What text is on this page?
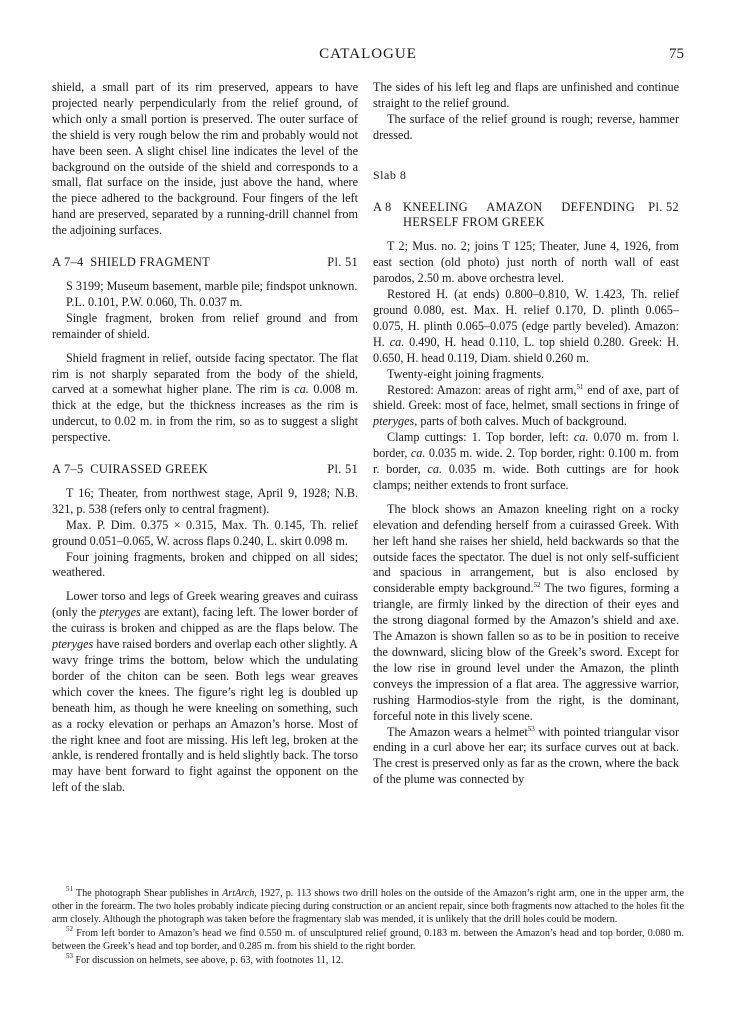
CATALOGUE	75

shield, a small part of its rim preserved, appears to have projected nearly perpendicularly from the relief ground, of which only a small portion is preserved. The outer surface of the shield is very rough below the rim and probably would not have been seen. A slight chisel line indicates the level of the background on the outside of the shield and corresponds to a small, flat surface on the inside, just above the hand, where the piece adhered to the background. Four fingers of the left hand are preserved, separated by a running-drill channel from the adjoining surfaces.

A 7–4 SHIELD FRAGMENT	Pl. 51

S 3199; Museum basement, marble pile; findspot unknown.

P.L. 0.101, P.W. 0.060, Th. 0.037 m.

Single fragment, broken from relief ground and from remainder of shield.

Shield fragment in relief, outside facing spectator. The flat rim is not sharply separated from the body of the shield, carved at a somewhat higher plane. The rim is ca. 0.008 m. thick at the edge, but the thickness increases as the rim is undercut, to 0.02 m. in from the rim, so as to suggest a slight perspective.

A 7–5 CUIRASSED GREEK	Pl. 51

T 16; Theater, from northwest stage, April 9, 1928; N.B. 321, p. 538 (refers only to central fragment).

Max. P. Dim. 0.375 × 0.315, Max. Th. 0.145, Th. relief ground 0.051–0.065, W. across flaps 0.240, L. skirt 0.098 m.

Four joining fragments, broken and chipped on all sides; weathered.

Lower torso and legs of Greek wearing greaves and cuirass (only the pteryges are extant), facing left. The lower border of the cuirass is broken and chipped as are the flaps below. The pteryges have raised borders and overlap each other slightly. A wavy fringe trims the bottom, below which the undulating border of the chiton can be seen. Both legs wear greaves which cover the knees. The figure’s right leg is doubled up beneath him, as though he were kneeling on something, such as a rocky elevation or perhaps an Amazon’s horse. Most of the right knee and foot are missing. His left leg, broken at the ankle, is rendered frontally and is held slightly back. The torso may have bent forward to fight against the opponent on the left of the slab.

The sides of his left leg and flaps are unfinished and continue straight to the relief ground.

The surface of the relief ground is rough; reverse, hammer dressed.

Slab 8

A 8 KNEELING AMAZON DEFENDING HERSELF FROM GREEK
Pl. 52

T 2; Mus. no. 2; joins T 125; Theater, June 4, 1926, from east section (old photo) just north of north wall of east parodos, 2.50 m. above orchestra level.

Restored H. (at ends) 0.800–0.810, W. 1.423, Th. relief ground 0.080, est. Max. H. relief 0.170, D. plinth 0.065–0.075, H. plinth 0.065–0.075 (edge partly beveled). Amazon: H. ca. 0.490, H. head 0.110, L. top shield 0.280. Greek: H. 0.650, H. head 0.119, Diam. shield 0.260 m.

Twenty-eight joining fragments.

Restored: Amazon: areas of right arm,$^{51}$ end of axe, part of shield. Greek: most of face, helmet, small sections in fringe of pteryges, parts of both calves. Much of background.

Clamp cuttings: 1. Top border, left: ca. 0.070 m. from l. border, ca. 0.035 m. wide. 2. Top border, right: 0.100 m. from r. border, ca. 0.035 m. wide. Both cuttings are for hook clamps; neither extends to front surface.

The block shows an Amazon kneeling right on a rocky elevation and defending herself from a cuirassed Greek. With her left hand she raises her shield, held backwards so that the outside faces the spectator. The duel is not only self-sufficient and spacious in arrangement, but is also enclosed by considerable empty background.$^{52}$ The two figures, forming a triangle, are firmly linked by the direction of their eyes and the strong diagonal formed by the Amazon’s shield and axe. The Amazon is shown fallen so as to be in position to receive the downward, slicing blow of the Greek’s sword. Except for the low rise in ground level under the Amazon, the plinth conveys the impression of a flat area. The aggressive warrior, rushing Harmodios-style from the right, is the dominant, forceful note in this lively scene.

The Amazon wears a helmet$^{53}$ with pointed triangular visor ending in a curl above her ear; its surface curves out at back. The crest is preserved only as far as the crown, where the back of the plume was connected by

$^{51}$ The photograph Shear publishes in ArtArch, 1927, p. 113 shows two drill holes on the outside of the Amazon’s right arm, one in the upper arm, the other in the forearm. The two holes probably indicate piecing during construction or an ancient repair, since both fragments now attached to the holes fit the arm closely. Although the photograph was taken before the fragmentary slab was mended, it is unlikely that the drill holes could be modern.

$^{52}$ From left border to Amazon’s head we find 0.550 m. of unsculptured relief ground, 0.183 m. between the Amazon’s head and top border, 0.080 m. between the Greek’s head and top border, and 0.285 m. from his shield to the right border.

$^{53}$ For discussion on helmets, see above, p. 63, with footnotes 11, 12.
